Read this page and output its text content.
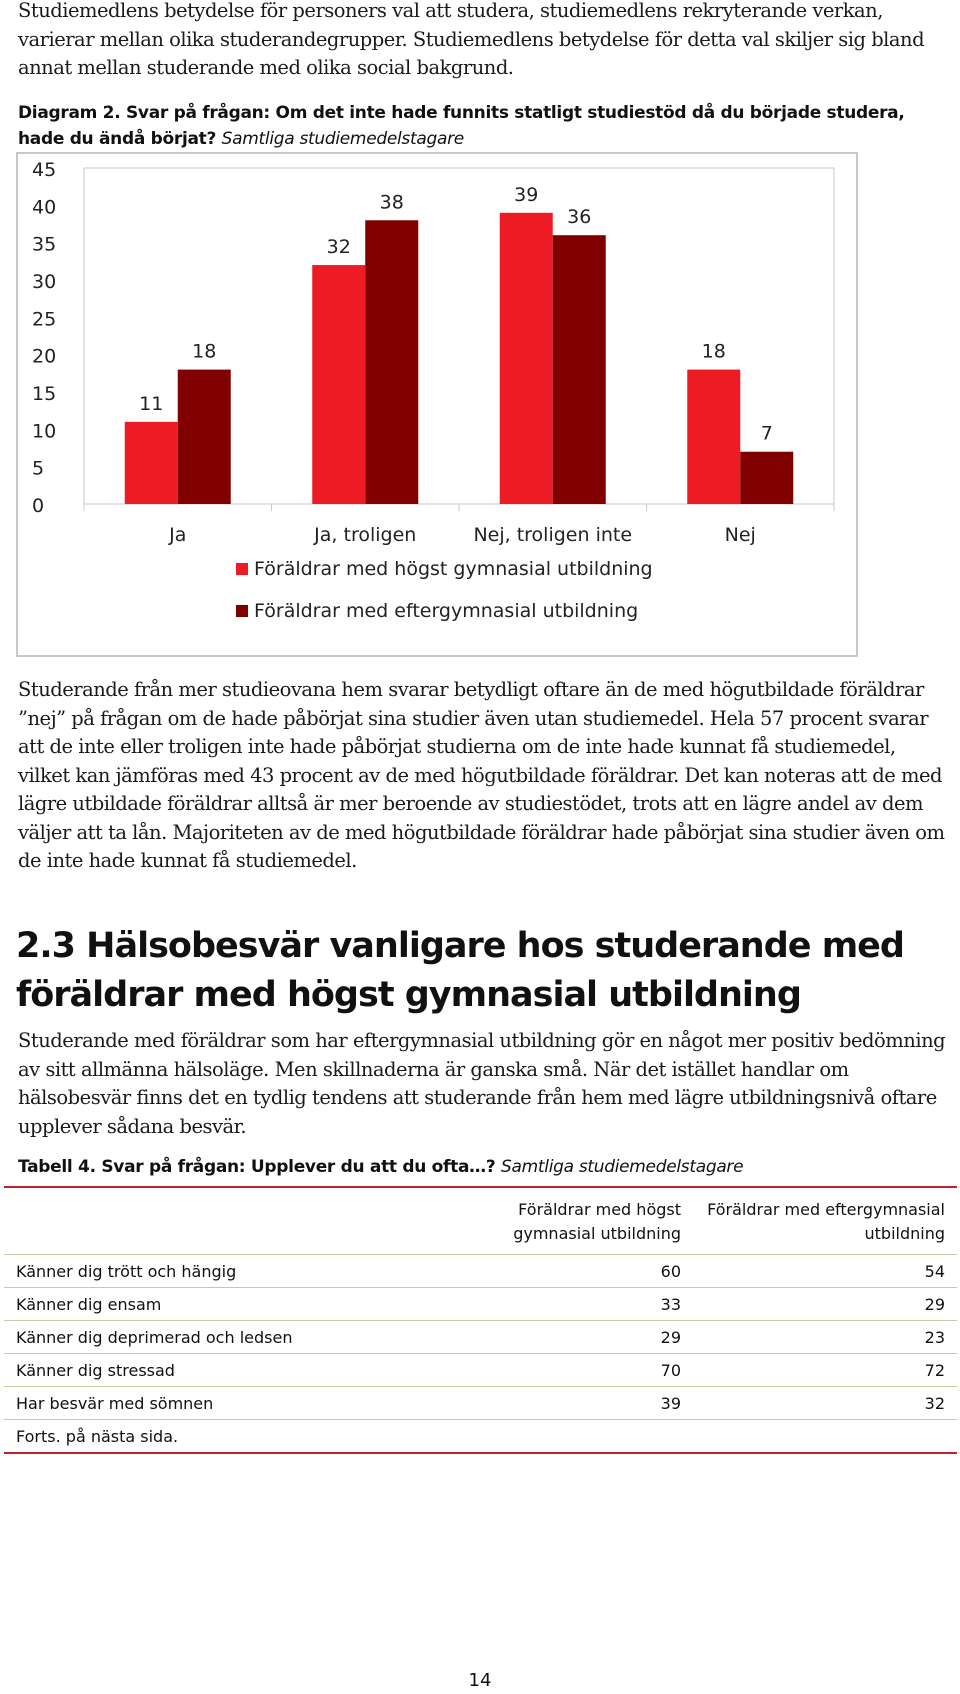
Studiemedlens betydelse för personers val att studera, studiemedlens rekryterande verkan, varierar mellan olika studerandegrupper. Studiemedlens betydelse för detta val skiljer sig bland annat mellan studerande med olika social bakgrund.

Diagram 2. Svar på frågan: Om det inte hade funnits statligt studiestöd då du började studera, hade du ändå börjat? Samtliga studiemedelstagare

0
5
10
15
20
25
30
35
40
45
11
18
Ja
32
38
Ja, troligen
39
36
Nej, troligen inte
18
7
Nej
Föräldrar med högst gymnasial utbildning
Föräldrar med eftergymnasial utbildning

Studerande från mer studieovana hem svarar betydligt oftare än de med högutbildade föräldrar ”nej” på frågan om de hade påbörjat sina studier även utan studiemedel. Hela 57 procent svarar att de inte eller troligen inte hade påbörjat studierna om de inte hade kunnat få studiemedel, vilket kan jämföras med 43 procent av de med högutbildade föräldrar. Det kan noteras att de med lägre utbildade föräldrar alltså är mer beroende av studiestödet, trots att en lägre andel av dem väljer att ta lån. Majoriteten av de med högutbildade föräldrar hade påbörjat sina studier även om de inte hade kunnat få studiemedel.

2.3 Hälsobesvär vanligare hos studerande med föräldrar med högst gymnasial utbildning

Studerande med föräldrar som har eftergymnasial utbildning gör en något mer positiv bedömning av sitt allmänna hälsoläge. Men skillnaderna är ganska små. När det istället handlar om hälsobesvär finns det en tydlig tendens att studerande från hem med lägre utbildningsnivå oftare upplever sådana besvär.

Tabell 4. Svar på frågan: Upplever du att du ofta…? Samtliga studiemedelstagare

	Föräldrar med högst gymnasial utbildning	Föräldrar med eftergymnasial utbildning
Känner dig trött och hängig	60	54
Känner dig ensam	33	29
Känner dig deprimerad och ledsen	29	23
Känner dig stressad	70	72
Har besvär med sömnen	39	32
Forts. på nästa sida.		
14
